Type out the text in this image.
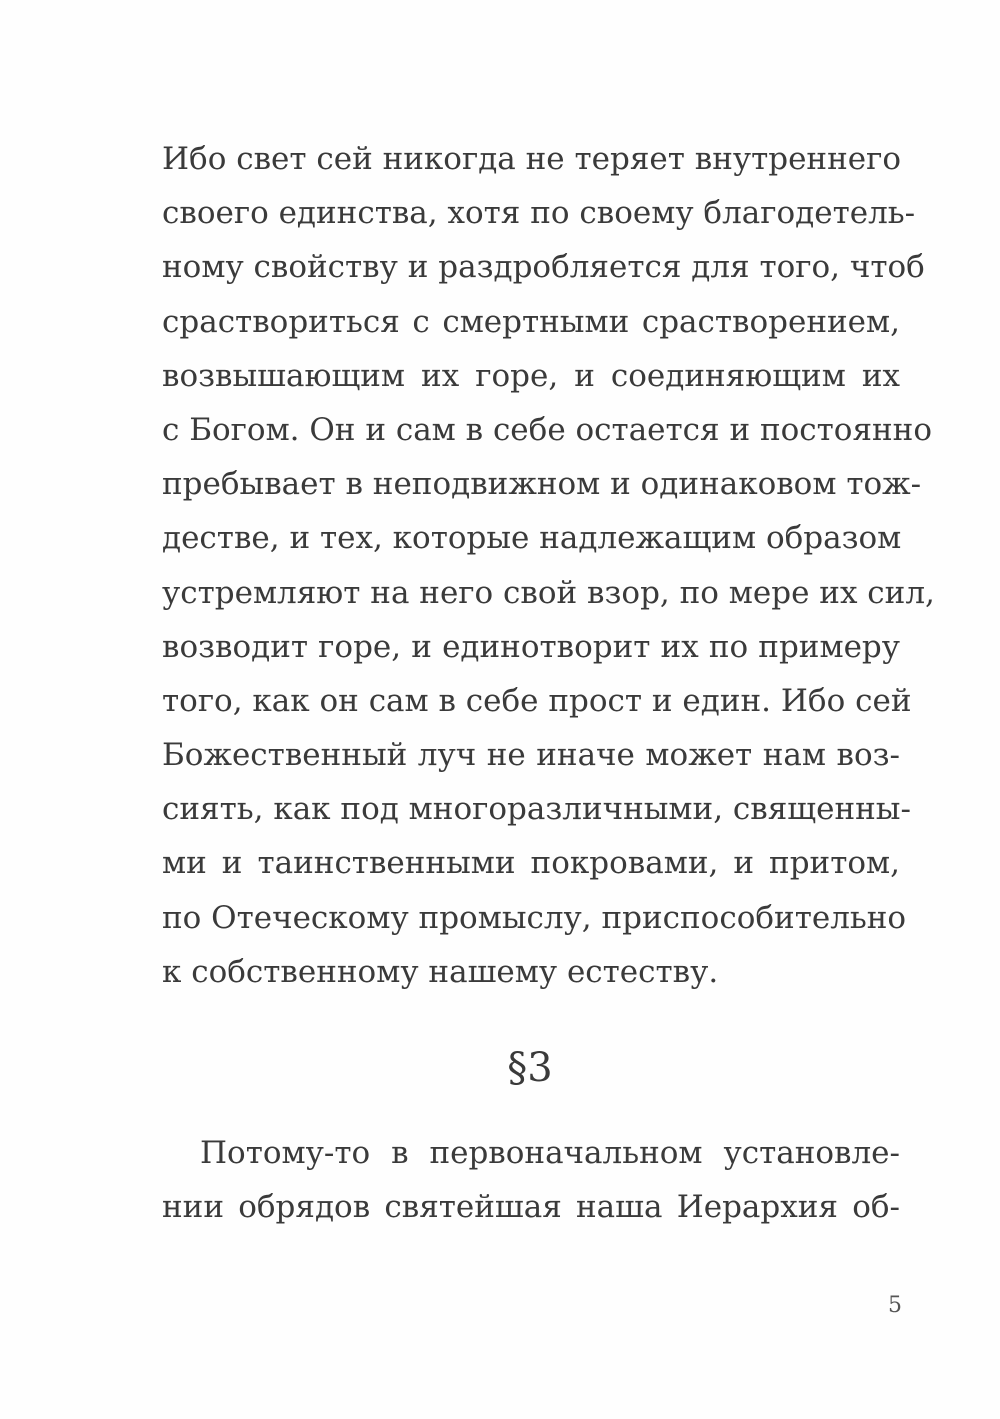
Ибо свет сей никогда не теряет внутреннего
своего единства, хотя по своему благодетель-
ному свойству и раздробляется для того, чтоб
срастворитьcя с смертными срастворением,
возвышающим их горе, и соединяющим их
с Богом. Он и сам в себе остается и постоянно
пребывает в неподвижном и одинаковом тож-
дестве, и тех, которые надлежащим образом
устремляют на него свой взор, по мере их сил,
возводит горе, и единотворит их по примеру
того, как он сам в себе прост и един. Ибо сей
Божественный луч не иначе может нам воз-
сиять, как под многоразличными, священны-
ми и таинственными покровами, и притом,
по Отеческому промыслу, приспособительно
к собственному нашему естеству.
§3
Потому-то в первоначальном установле-
нии обрядов святейшая наша Иерархия об-
5
